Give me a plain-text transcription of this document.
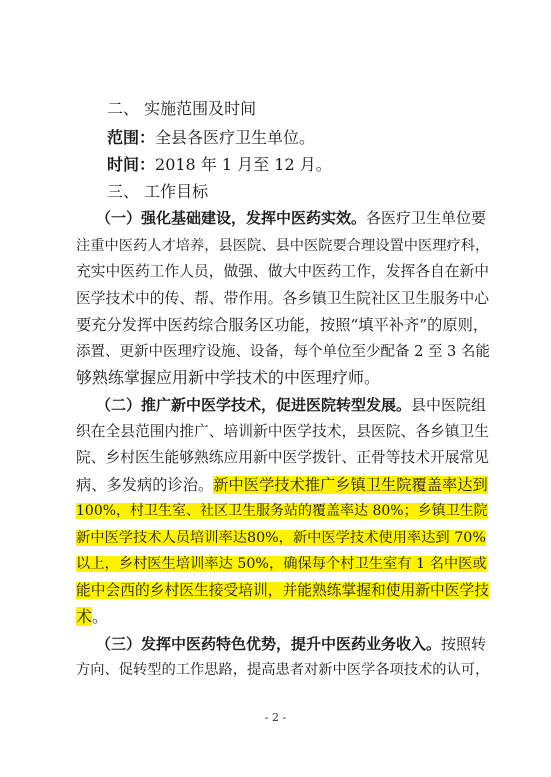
二、 实施范围及时间
范围：全县各医疗卫生单位。
时间：2018 年 1 月至 12 月。
三、 工作目标
（一）强化基础建设，发挥中医药实效。各医疗卫生单位要
注重中医药人才培养，县医院、县中医院要合理设置中医理疗科，
充实中医药工作人员，做强、做大中医药工作，发挥各自在新中
医学技术中的传、帮、带作用。各乡镇卫生院社区卫生服务中心
要充分发挥中医药综合服务区功能，按照“填平补齐”的原则，
添置、更新中医理疗设施、设备，每个单位至少配备 2 至 3 名能
够熟练掌握应用新中学技术的中医理疗师。
（二）推广新中医学技术，促进医院转型发展。县中医院组
织在全县范围内推广、培训新中医学技术，县医院、各乡镇卫生
院、乡村医生能够熟练应用新中医学拨针、正骨等技术开展常见
病、多发病的诊治。新中医学技术推广乡镇卫生院覆盖率达到
100%，村卫生室、社区卫生服务站的覆盖率达 80%；乡镇卫生院
新中医学技术人员培训率达80%，新中医学技术使用率达到 70%
以上，乡村医生培训率达 50%，确保每个村卫生室有 1 名中医或
能中会西的乡村医生接受培训，并能熟练掌握和使用新中医学技
术。
（三）发挥中医药特色优势，提升中医药业务收入。按照转
方向、促转型的工作思路，提高患者对新中医学各项技术的认可，
- 2 -
